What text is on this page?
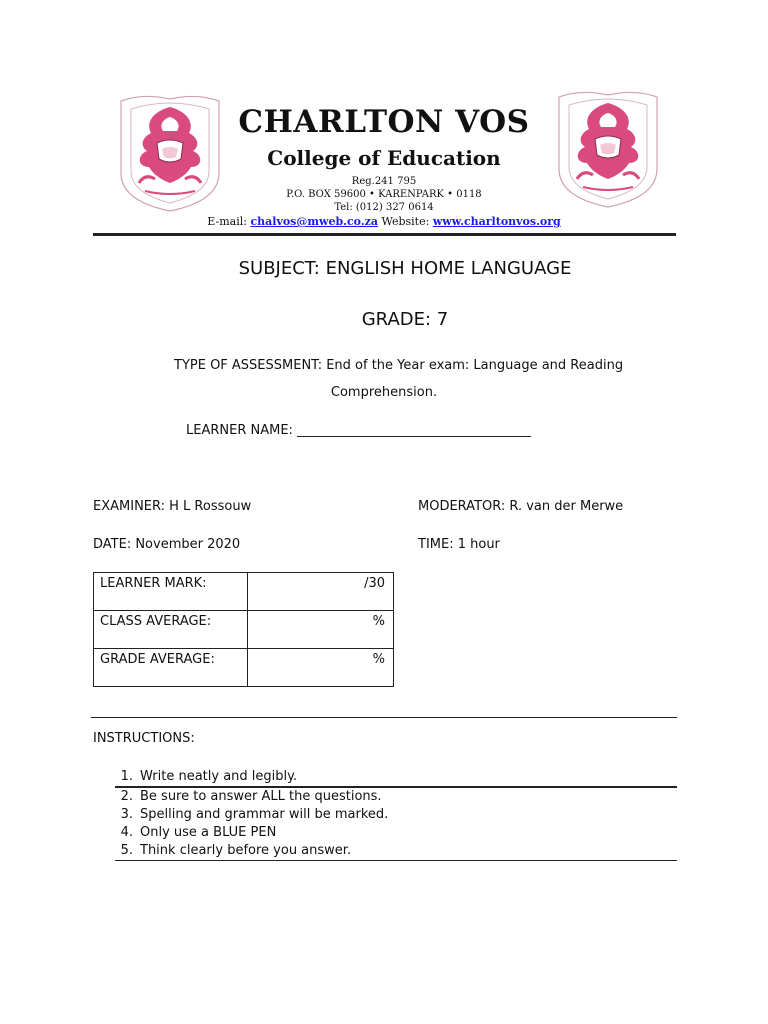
CHARLTON VOS
College of Education
Reg.241 795
P.O. BOX 59600 • KARENPARK • 0118
Tel: (012) 327 0614
E-mail: chalvos@mweb.co.za Website: www.charltonvos.org
SUBJECT: ENGLISH HOME LANGUAGE
GRADE: 7
TYPE OF ASSESSMENT: End of the Year exam: Language and Reading
Comprehension.
LEARNER NAME: ____________________________________
EXAMINER: H L Rossouw	MODERATOR: R. van der Merwe
DATE: November 2020	TIME: 1 hour
LEARNER MARK:	/30
CLASS AVERAGE:	%
GRADE AVERAGE:	%
INSTRUCTIONS:
1. Write neatly and legibly.
2. Be sure to answer ALL the questions.
3. Spelling and grammar will be marked.
4. Only use a BLUE PEN
5. Think clearly before you answer.
